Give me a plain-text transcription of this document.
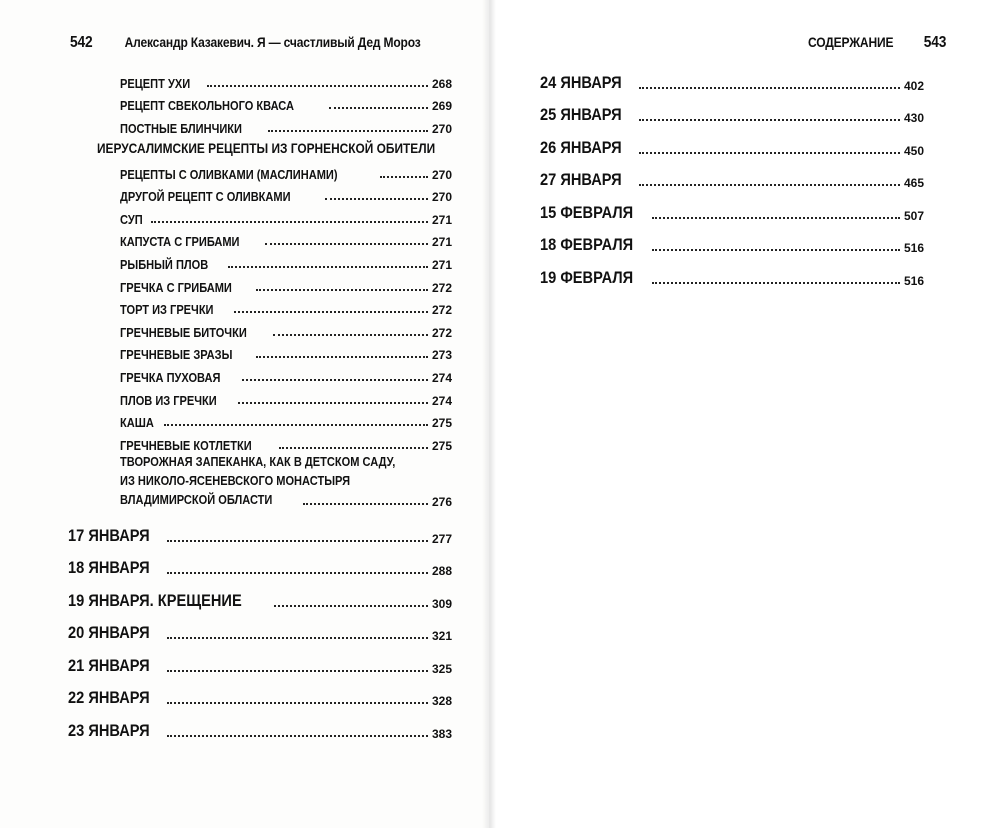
542 Александр Казакевич. Я — счастливый Дед Мороз	СОДЕРЖАНИЕ 543
РЕЦЕПТ УХИ	268
РЕЦЕПТ СВЕКОЛЬНОГО КВАСА	269
ПОСТНЫЕ БЛИНЧИКИ	270
ИЕРУСАЛИМСКИЕ РЕЦЕПТЫ ИЗ ГОРНЕНСКОЙ ОБИТЕЛИ
РЕЦЕПТЫ С ОЛИВКАМИ (МАСЛИНАМИ)	270
ДРУГОЙ РЕЦЕПТ С ОЛИВКАМИ	270
СУП	271
КАПУСТА С ГРИБАМИ	271
РЫБНЫЙ ПЛОВ	271
ГРЕЧКА С ГРИБАМИ	272
ТОРТ ИЗ ГРЕЧКИ	272
ГРЕЧНЕВЫЕ БИТОЧКИ	272
ГРЕЧНЕВЫЕ ЗРАЗЫ	273
ГРЕЧКА ПУХОВАЯ	274
ПЛОВ ИЗ ГРЕЧКИ	274
КАША	275
ГРЕЧНЕВЫЕ КОТЛЕТКИ	275
ТВОРОЖНАЯ ЗАПЕКАНКА, КАК В ДЕТСКОМ САДУ,
ИЗ НИКОЛО-ЯСЕНЕВСКОГО МОНАСТЫРЯ
ВЛАДИМИРСКОЙ ОБЛАСТИ	276
17 ЯНВАРЯ	277
18 ЯНВАРЯ	288
19 ЯНВАРЯ. КРЕЩЕНИЕ	309
20 ЯНВАРЯ	321
21 ЯНВАРЯ	325
22 ЯНВАРЯ	328
23 ЯНВАРЯ	383
24 ЯНВАРЯ	402
25 ЯНВАРЯ	430
26 ЯНВАРЯ	450
27 ЯНВАРЯ	465
15 ФЕВРАЛЯ	507
18 ФЕВРАЛЯ	516
19 ФЕВРАЛЯ	516
